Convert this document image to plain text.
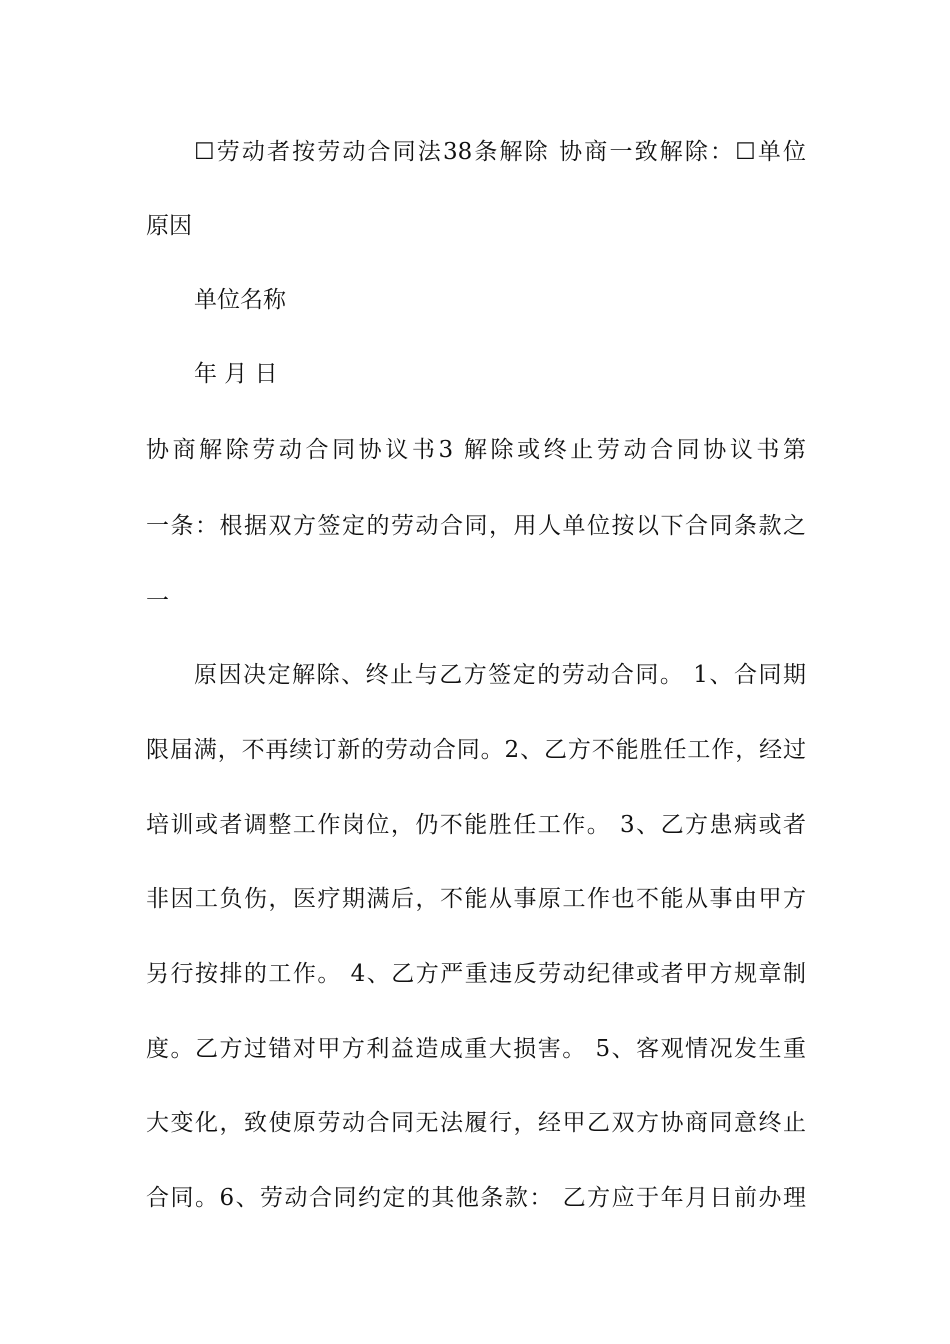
☐劳动者按劳动合同法38条解除 协商一致解除：☐单位
原因
单位名称
年 月 日
协商解除劳动合同协议书3 解除或终止劳动合同协议书第
一条：根据双方签定的劳动合同，用人单位按以下合同条款之
一
原因决定解除、终止与乙方签定的劳动合同。 1、合同期
限届满，不再续订新的劳动合同。2、乙方不能胜任工作，经过
培训或者调整工作岗位，仍不能胜任工作。 3、乙方患病或者
非因工负伤，医疗期满后，不能从事原工作也不能从事由甲方
另行按排的工作。 4、乙方严重违反劳动纪律或者甲方规章制
度。乙方过错对甲方利益造成重大损害。 5、客观情况发生重
大变化，致使原劳动合同无法履行，经甲乙双方协商同意终止
合同。6、劳动合同约定的其他条款： 乙方应于年月日前办理
